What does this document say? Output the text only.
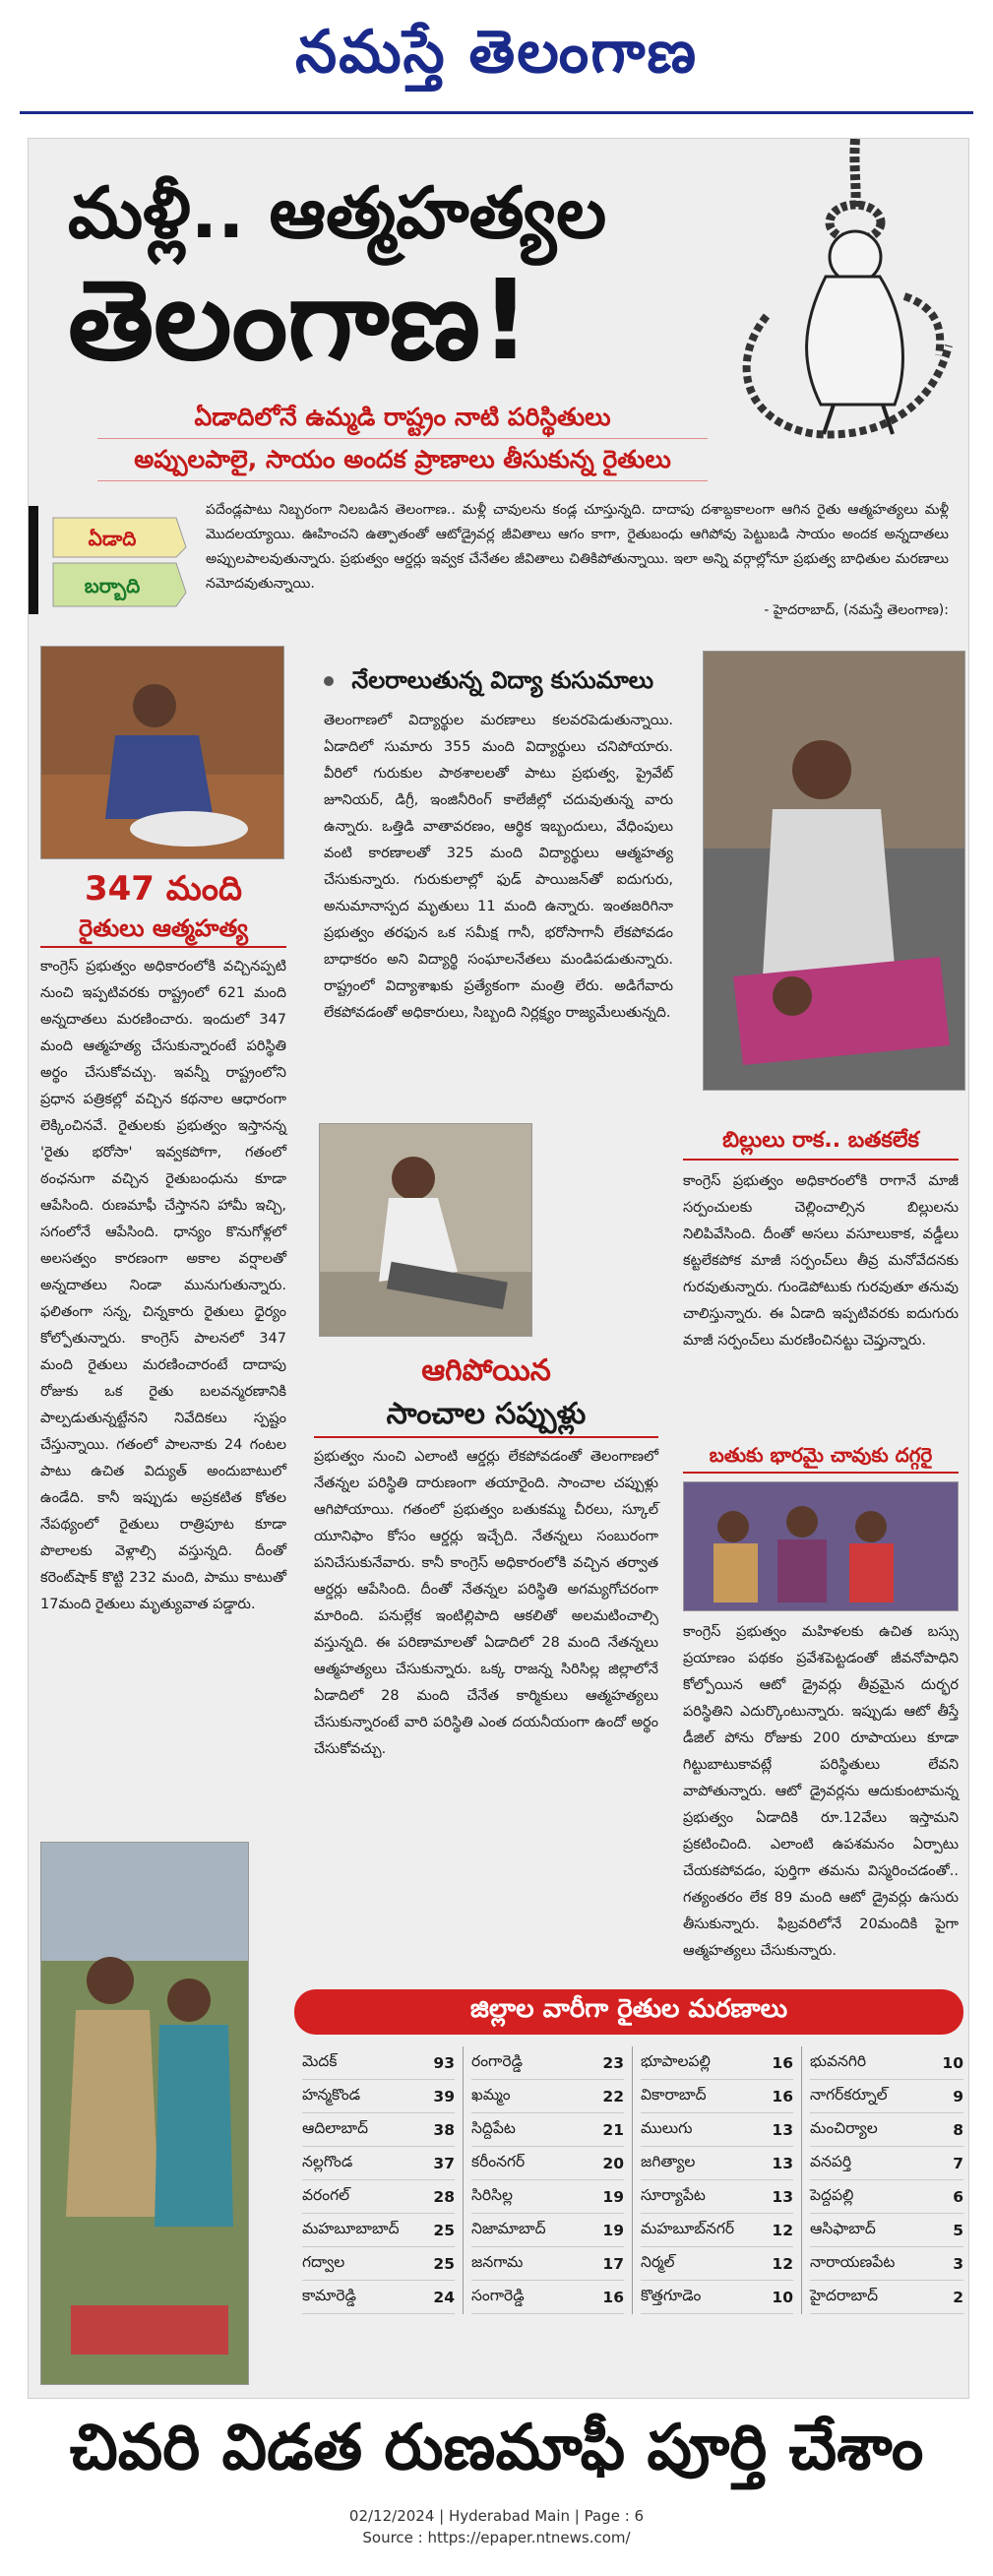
నమస్తే తెలంగాణ
మళ్లీ.. ఆత్మహత్యల
తెలంగాణ!
ఏడాదిలోనే ఉమ్మడి రాష్ట్రం నాటి పరిస్థితులు
అప్పులపాలై, సాయం అందక ప్రాణాలు తీసుకున్న రైతులు
ఏడాది
బర్బాది
పదేండ్లపాటు నిబ్బరంగా నిలబడిన తెలంగాణ.. మళ్లీ చావులను కండ్ల చూస్తున్నది. దాదాపు దశాబ్దకాలంగా ఆగిన రైతు ఆత్మహత్యలు మళ్లీ మొదలయ్యాయి. ఊహించని ఉత్పాతంతో ఆటోడ్రైవర్ల జీవితాలు ఆగం కాగా, రైతుబంధు ఆగిపోవు పెట్టుబడి సాయం అందక అన్నదాతలు అప్పులపాలవుతున్నారు. ప్రభుత్వం ఆర్డర్లు ఇవ్వక చేనేతల జీవితాలు చితికిపోతున్నాయి. ఇలా అన్ని వర్గాల్లోనూ ప్రభుత్వ బాధితుల మరణాలు నమోదవుతున్నాయి.
- హైదరాబాద్, (నమస్తే తెలంగాణ):
347 మంది
రైతులు ఆత్మహత్య
కాంగ్రెస్ ప్రభుత్వం అధికారంలోకి వచ్చినప్పటి నుంచి ఇప్పటివరకు రాష్ట్రంలో 621 మంది అన్నదాతలు మరణించారు. ఇందులో 347 మంది ఆత్మహత్య చేసుకున్నారంటే పరిస్థితి అర్థం చేసుకోవచ్చు. ఇవన్నీ రాష్ట్రంలోని ప్రధాన పత్రికల్లో వచ్చిన కథనాల ఆధారంగా లెక్కించినవే. రైతులకు ప్రభుత్వం ఇస్తానన్న 'రైతు భరోసా' ఇవ్వకపోగా, గతంలో ఠంఛనుగా వచ్చిన రైతుబంధును కూడా ఆపేసింది. రుణమాఫీ చేస్తానని హామీ ఇచ్చి, సగంలోనే ఆపేసింది. ధాన్యం కొనుగోళ్లలో అలసత్వం కారణంగా అకాల వర్షాలతో అన్నదాతలు నిండా మునుగుతున్నారు. ఫలితంగా సన్న, చిన్నకారు రైతులు ధైర్యం కోల్పోతున్నారు. కాంగ్రెస్ పాలనలో 347 మంది రైతులు మరణించారంటే దాదాపు రోజుకు ఒక రైతు బలవన్మరణానికి పాల్పడుతున్నట్టేనని నివేదికలు స్పష్టం చేస్తున్నాయి. గతంలో పాలనాకు 24 గంటల పాటు ఉచిత విద్యుత్ అందుబాటులో ఉండేది. కానీ ఇప్పుడు అప్రకటిత కోతల నేపథ్యంలో రైతులు రాత్రిపూట కూడా పొలాలకు వెళ్లాల్సి వస్తున్నది. దీంతో కరెంట్‌షాక్ కొట్టి 232 మంది, పాము కాటుతో 17మంది రైతులు మృత్యువాత పడ్డారు.
నేలరాలుతున్న విద్యా కుసుమాలు
తెలంగాణలో విద్యార్థుల మరణాలు కలవరపెడుతున్నాయి. ఏడాదిలో సుమారు 355 మంది విద్యార్థులు చనిపోయారు. వీరిలో గురుకుల పాఠశాలలతో పాటు ప్రభుత్వ, ప్రైవేట్ జూనియర్, డిగ్రీ, ఇంజినీరింగ్ కాలేజీల్లో చదువుతున్న వారు ఉన్నారు. ఒత్తిడి వాతావరణం, ఆర్థిక ఇబ్బందులు, వేధింపులు వంటి కారణాలతో 325 మంది విద్యార్థులు ఆత్మహత్య చేసుకున్నారు. గురుకులాల్లో ఫుడ్ పాయిజన్‌తో ఐదుగురు, అనుమానాస్పద మృతులు 11 మంది ఉన్నారు. ఇంతజరిగినా ప్రభుత్వం తరఫున ఒక సమీక్ష గానీ, భరోసాగానీ లేకపోవడం బాధాకరం అని విద్యార్థి సంఘాలనేతలు మండిపడుతున్నారు. రాష్ట్రంలో విద్యాశాఖకు ప్రత్యేకంగా మంత్రి లేరు. అడిగేవారు లేకపోవడంతో అధికారులు, సిబ్బంది నిర్లక్ష్యం రాజ్యమేలుతున్నది.
ఆగిపోయిన
సాంచాల సప్పుళ్లు
ప్రభుత్వం నుంచి ఎలాంటి ఆర్డర్లు లేకపోవడంతో తెలంగాణలో నేతన్నల పరిస్థితి దారుణంగా తయారైంది. సాంచాల చప్పుళ్లు ఆగిపోయాయి. గతంలో ప్రభుత్వం బతుకమ్మ చీరలు, స్కూల్ యూనిఫాం కోసం ఆర్డర్లు ఇచ్చేది. నేతన్నలు సంబురంగా పనిచేసుకునేవారు. కానీ కాంగ్రెస్ అధికారంలోకి వచ్చిన తర్వాత ఆర్డర్లు ఆపేసింది. దీంతో నేతన్నల పరిస్థితి అగమ్యగోచరంగా మారింది. పనుల్లేక ఇంటిల్లిపాది ఆకలితో అలమటించాల్సి వస్తున్నది. ఈ పరిణామాలతో ఏడాదిలో 28 మంది నేతన్నలు ఆత్మహత్యలు చేసుకున్నారు. ఒక్క రాజన్న సిరిసిల్ల జిల్లాలోనే ఏడాదిలో 28 మంది చేనేత కార్మికులు ఆత్మహత్యలు చేసుకున్నారంటే వారి పరిస్థితి ఎంత దయనీయంగా ఉందో అర్థం చేసుకోవచ్చు.
బిల్లులు రాక.. బతకలేక
కాంగ్రెస్ ప్రభుత్వం అధికారంలోకి రాగానే మాజీ సర్పంచులకు చెల్లించాల్సిన బిల్లులను నిలిపివేసింది. దీంతో అసలు వసూలుకాక, వడ్డీలు కట్టలేకపోక మాజీ సర్పంచ్‌లు తీవ్ర మనోవేదనకు గురవుతున్నారు. గుండెపోటుకు గురవుతూ తనువు చాలిస్తున్నారు. ఈ ఏడాది ఇప్పటివరకు ఐదుగురు మాజీ సర్పంచ్‌లు మరణించినట్టు చెప్తున్నారు.
బతుకు భారమై చావుకు దగ్గరై
కాంగ్రెస్ ప్రభుత్వం మహిళలకు ఉచిత బస్సు ప్రయాణం పథకం ప్రవేశపెట్టడంతో జీవనోపాధిని కోల్పోయిన ఆటో డ్రైవర్లు తీవ్రమైన దుర్భర పరిస్థితిని ఎదుర్కొంటున్నారు. ఇప్పుడు ఆటో తీస్తే డీజిల్ పోను రోజుకు 200 రూపాయలు కూడా గిట్టుబాటుకావట్లే పరిస్థితులు లేవని వాపోతున్నారు. ఆటో డ్రైవర్లను ఆదుకుంటామన్న ప్రభుత్వం ఏడాదికి రూ.12వేలు ఇస్తామని ప్రకటించింది. ఎలాంటి ఉపశమనం ఏర్పాటు చేయకపోవడం, పుర్తిగా తమను విస్మరించడంతో.. గత్యంతరం లేక 89 మంది ఆటో డ్రైవర్లు ఉసురు తీసుకున్నారు. ఫిబ్రవరిలోనే 20మందికి పైగా ఆత్మహత్యలు చేసుకున్నారు.
జిల్లాల వారీగా రైతుల మరణాలు
మెదక్	93
హన్మకొండ	39
ఆదిలాబాద్	38
నల్లగొండ	37
వరంగల్	28
మహబూబాబాద్ 25
గద్వాల	25
కామారెడ్డి	24
రంగారెడ్డి	23
ఖమ్మం	22
సిద్దిపేట	21
కరీంనగర్	20
సిరిసిల్ల	19
నిజామాబాద్	19
జనగామ	17
సంగారెడ్డి	16
భూపాలపల్లి	16
వికారాబాద్	16
ములుగు	13
జగిత్యాల	13
సూర్యాపేట	13
మహబూబ్‌నగర్ 12
నిర్మల్	12
కొత్తగూడెం	10
భువనగిరి	10
నాగర్‌కర్నూల్	9
మంచిర్యాల	8
వనపర్తి	7
పెద్దపల్లి	6
ఆసిఫాబాద్	5
నారాయణపేట	3
హైదరాబాద్	2
చివరి విడత రుణమాఫీ పూర్తి చేశాం
02/12/2024 | Hyderabad Main | Page : 6
Source : https://epaper.ntnews.com/
